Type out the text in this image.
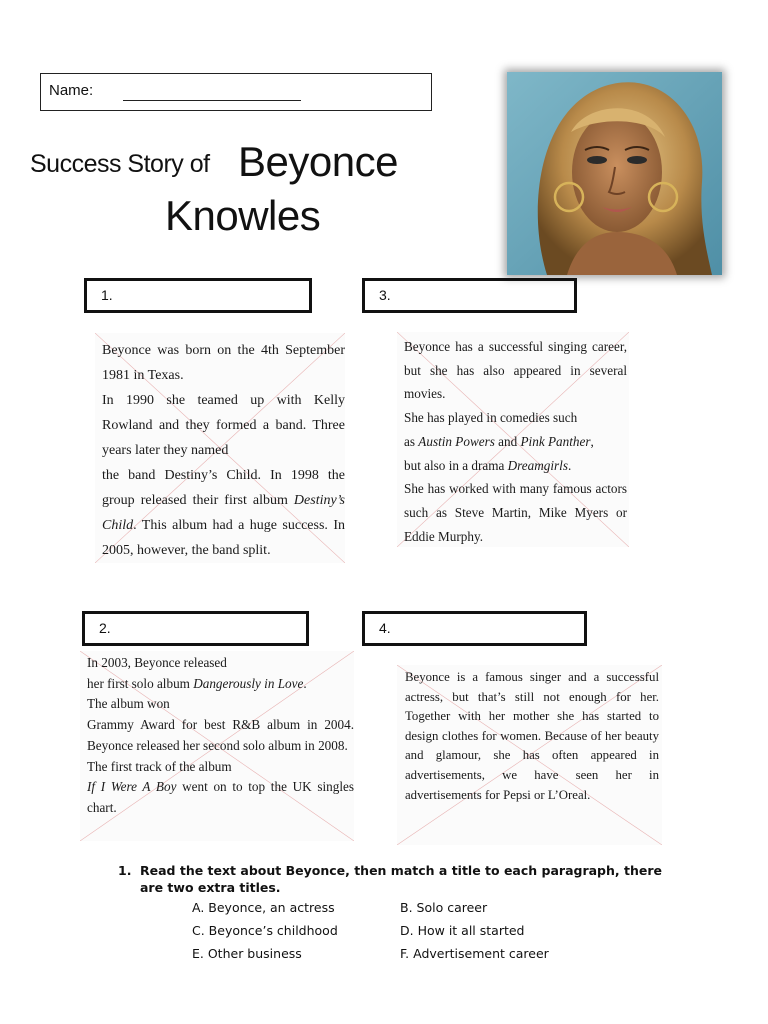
Name:
Success Story of Beyonce
Knowles
1.	3.
2.	4.
Beyonce was born on the 4th September 1981 in Texas.
In 1990 she teamed up with Kelly Rowland and they formed a band. Three years later they named
the band Destiny’s Child. In 1998 the group released their first album Destiny’s Child. This album had a huge success. In 2005, however, the band split.
Beyonce has a successful singing career, but she has also appeared in several movies.
She has played in comedies such
as Austin Powers and Pink Panther,
but also in a drama Dreamgirls.
She has worked with many famous actors such as Steve Martin, Mike Myers or Eddie Murphy.
In 2003, Beyonce released
her first solo album Dangerously in Love.
The album won
Grammy Award for best R&B album in 2004. Beyonce released her second solo album in 2008.
The first track of the album
If I Were A Boy went on to top the UK singles chart.
Beyonce is a famous singer and a successful actress, but that’s still not enough for her. Together with her mother she has started to design clothes for women. Because of her beauty and glamour, she has often appeared in advertisements, we have seen her in advertisements for Pepsi or L’Oreal.
1. Read the text about Beyonce, then match a title to each paragraph, there are two extra titles.
A. Beyonce, an actress	B. Solo career
C. Beyonce’s childhood	D. How it all started
E. Other business	F. Advertisement career
